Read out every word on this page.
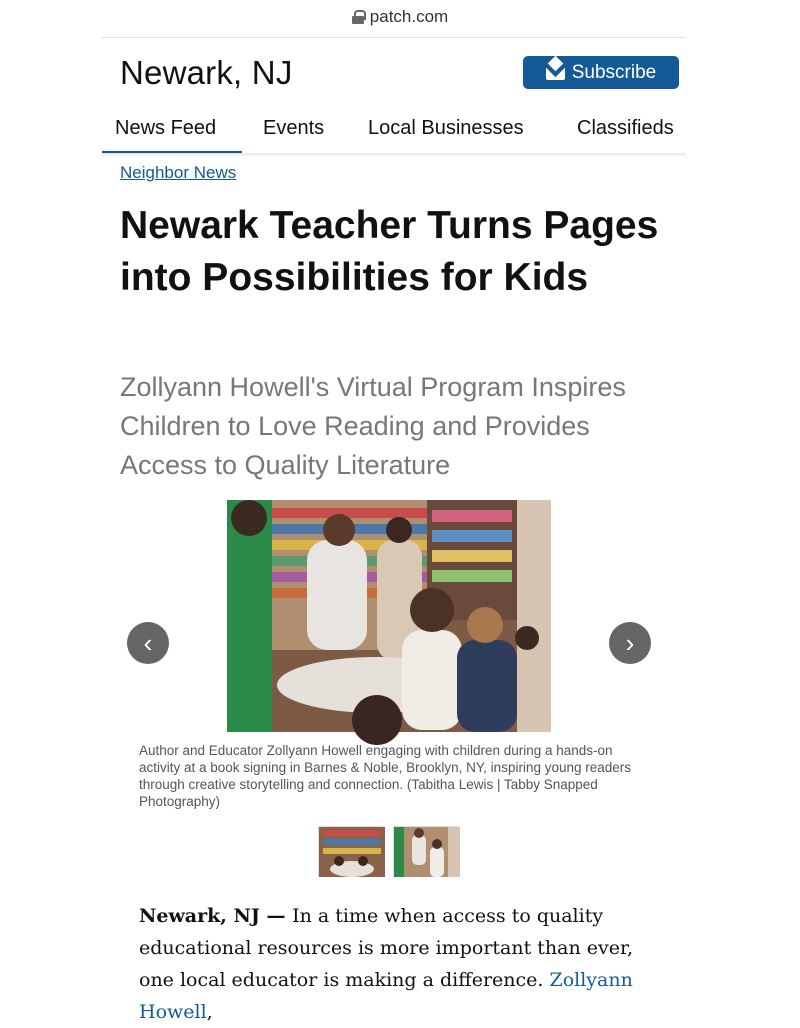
patch.com
Newark, NJ	Subscribe
News Feed	Events	Local Businesses	Classifieds
Neighbor News
Newark Teacher Turns Pages into Possibilities for Kids
Zollyann Howell's Virtual Program Inspires Children to Love Reading and Provides Access to Quality Literature
‹	›

Author and Educator Zollyann Howell engaging with children during a hands-on activity at a book signing in Barnes & Noble, Brooklyn, NY, inspiring young readers through creative storytelling and connection. (Tabitha Lewis | Tabby Snapped Photography)

Newark, NJ — In a time when access to quality educational resources is more important than ever, one local educator is making a difference. Zollyann Howell,
